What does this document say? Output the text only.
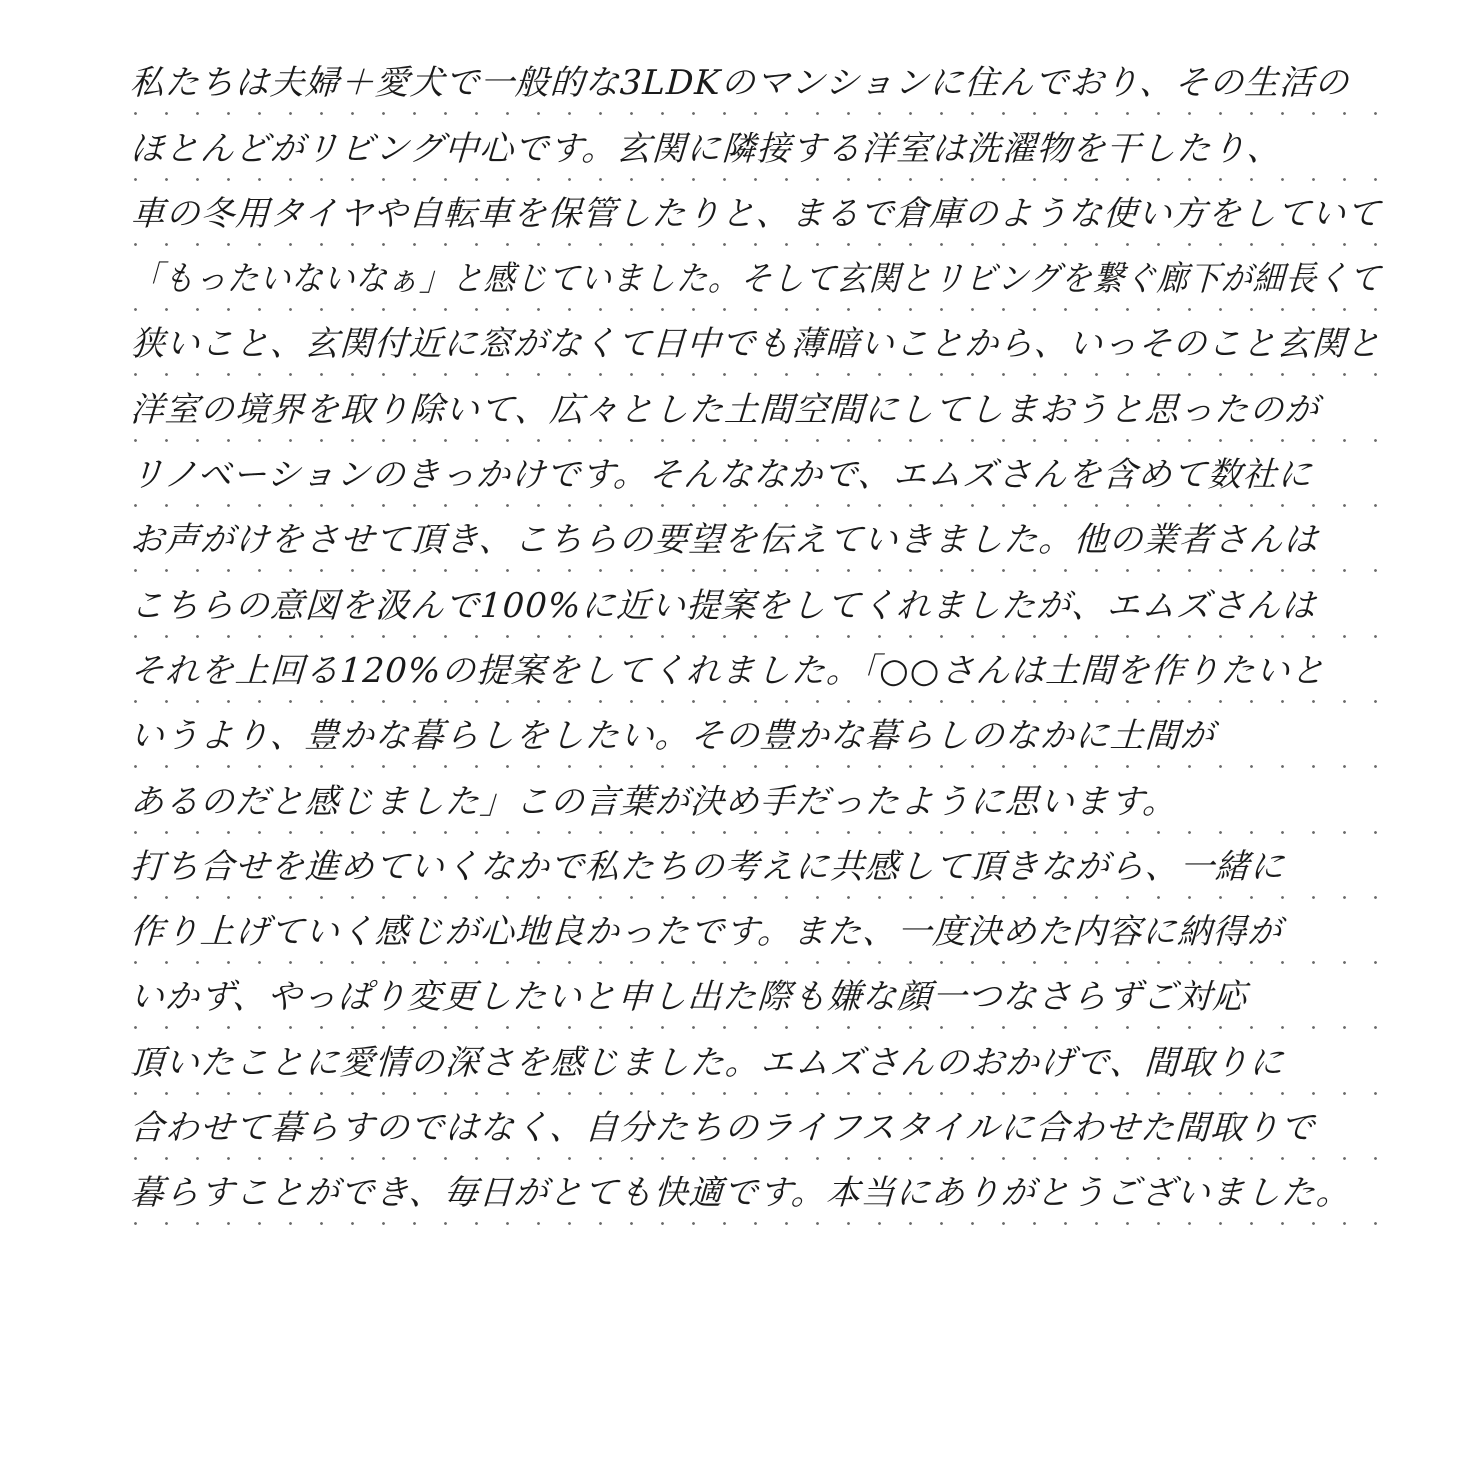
私たちは夫婦＋愛犬で一般的な3LDKのマンションに住んでおり、その生活の
ほとんどがリビング中心です。玄関に隣接する洋室は洗濯物を干したり、
車の冬用タイヤや自転車を保管したりと、まるで倉庫のような使い方をしていて
「もったいないなぁ」と感じていました。そして玄関とリビングを繋ぐ廊下が細長くて
狭いこと、玄関付近に窓がなくて日中でも薄暗いことから、いっそのこと玄関と
洋室の境界を取り除いて、広々とした土間空間にしてしまおうと思ったのが
リノベーションのきっかけです。そんななかで、エムズさんを含めて数社に
お声がけをさせて頂き、こちらの要望を伝えていきました。他の業者さんは
こちらの意図を汲んで100%に近い提案をしてくれましたが、エムズさんは
それを上回る120%の提案をしてくれました。「○○さんは土間を作りたいと
いうより、豊かな暮らしをしたい。その豊かな暮らしのなかに土間が
あるのだと感じました」この言葉が決め手だったように思います。
打ち合せを進めていくなかで私たちの考えに共感して頂きながら、一緒に
作り上げていく感じが心地良かったです。また、一度決めた内容に納得が
いかず、やっぱり変更したいと申し出た際も嫌な顔一つなさらずご対応
頂いたことに愛情の深さを感じました。エムズさんのおかげで、間取りに
合わせて暮らすのではなく、自分たちのライフスタイルに合わせた間取りで
暮らすことができ、毎日がとても快適です。本当にありがとうございました。
